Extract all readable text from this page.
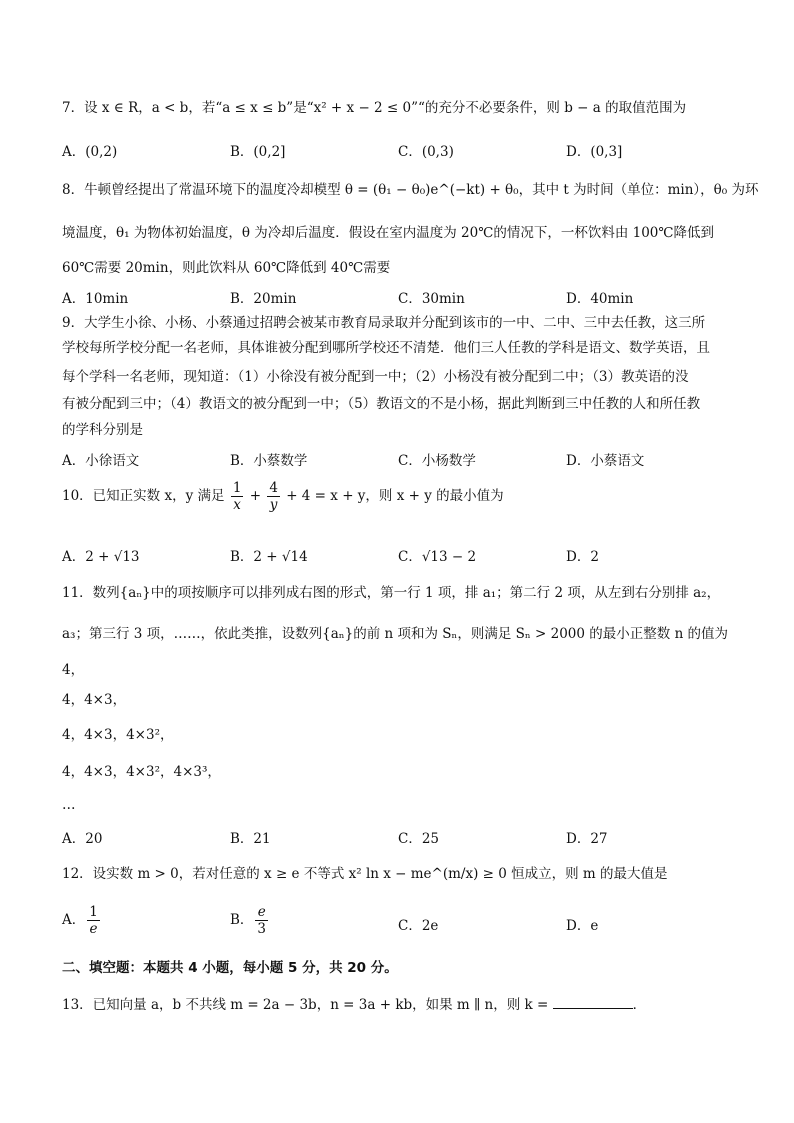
7．设 x ∈ R，a < b，若“a ≤ x ≤ b”是“x² + x − 2 ≤ 0”“的充分不必要条件，则 b − a 的取值范围为
A．(0,2)	B．(0,2]	C．(0,3)	D．(0,3]
8．牛顿曾经提出了常温环境下的温度冷却模型 θ = (θ₁ − θ₀)e^(−kt) + θ₀，其中 t 为时间（单位：min），θ₀ 为环
境温度，θ₁ 为物体初始温度，θ 为冷却后温度．假设在室内温度为 20℃的情况下，一杯饮料由 100℃降低到
60℃需要 20min，则此饮料从 60℃降低到 40℃需要
A．10min	B．20min	C．30min	D．40min
9．大学生小徐、小杨、小蔡通过招聘会被某市教育局录取并分配到该市的一中、二中、三中去任教，这三所
学校每所学校分配一名老师，具体谁被分配到哪所学校还不清楚．他们三人任教的学科是语文、数学英语，且
每个学科一名老师，现知道：（1）小徐没有被分配到一中；（2）小杨没有被分配到二中；（3）教英语的没
有被分配到三中；（4）教语文的被分配到一中；（5）教语文的不是小杨，据此判断到三中任教的人和所任教
的学科分别是
A．小徐语文	B．小蔡数学	C．小杨数学	D．小蔡语文
10．已知正实数 x，y 满足 $\frac{1}{x} + \frac{4}{y} + 4 = x + y$，则 x + y 的最小值为
A．2 + √13	B．2 + √14	C．√13 − 2	D．2
11．数列{aₙ}中的项按顺序可以排列成右图的形式，第一行 1 项，排 a₁；第二行 2 项，从左到右分别排 a₂，
a₃；第三行 3 项，……，依此类推，设数列{aₙ}的前 n 项和为 Sₙ，则满足 Sₙ > 2000 的最小正整数 n 的值为
4，
4，4×3，
4，4×3，4×3²，
4，4×3，4×3²，4×3³，
…
A．20	B．21	C．25	D．27
12．设实数 m > 0，若对任意的 x ≥ e 不等式 x² ln x − me^(m/x) ≥ 0 恒成立，则 m 的最大值是
A． $\frac{1}{e}$	B． $\frac{e}{3}$	C．2e	D．e
二、填空题：本题共 4 小题，每小题 5 分，共 20 分。
13．已知向量 a，b 不共线 m = 2a − 3b，n = 3a + kb，如果 m ∥ n，则 k =	．
